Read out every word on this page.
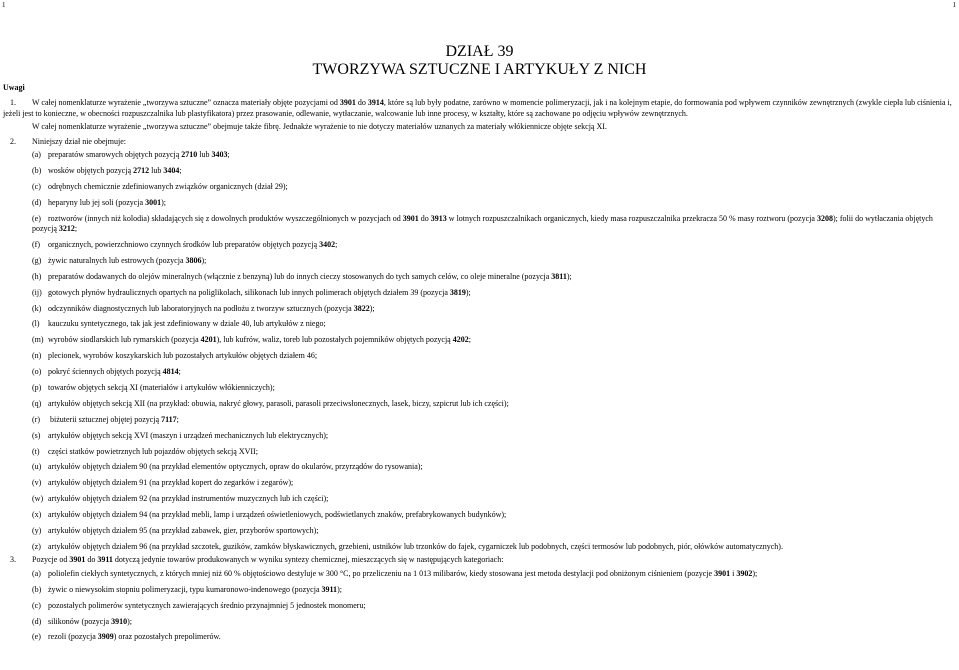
1	1
DZIAŁ 39
TWORZYWA SZTUCZNE I ARTYKUŁY Z NICH
Uwagi

1. W całej nomenklaturze wyrażenie „tworzywa sztuczne” oznacza materiały objęte pozycjami od 3901 do 3914, które są lub były podatne, zarówno w momencie polimeryzacji, jak i na kolejnym etapie, do formowania pod wpływem czynników zewnętrznych (zwykle ciepła lub ciśnienia i, jeżeli jest to konieczne, w obecności rozpuszczalnika lub plastyfikatora) przez prasowanie, odlewanie, wytłaczanie, walcowanie lub inne procesy, w kształty, które są zachowane po odjęciu wpływów zewnętrznych.

W całej nomenklaturze wyrażenie „tworzywa sztuczne” obejmuje także fibrę. Jednakże wyrażenie to nie dotyczy materiałów uznanych za materiały włókiennicze objęte sekcją XI.

2. Niniejszy dział nie obejmuje:

(a) preparatów smarowych objętych pozycją 2710 lub 3403;

(b) wosków objętych pozycją 2712 lub 3404;

(c) odrębnych chemicznie zdefiniowanych związków organicznych (dział 29);

(d) heparyny lub jej soli (pozycja 3001);

(e) roztworów (innych niż kolodia) składających się z dowolnych produktów wyszczególnionych w pozycjach od 3901 do 3913 w lotnych rozpuszczalnikach organicznych, kiedy masa rozpuszczalnika przekracza 50 % masy roztworu (pozycja 3208); folii do wytłaczania objętych pozycją 3212;

(f) organicznych, powierzchniowo czynnych środków lub preparatów objętych pozycją 3402;

(g) żywic naturalnych lub estrowych (pozycja 3806);

(h) preparatów dodawanych do olejów mineralnych (włącznie z benzyną) lub do innych cieczy stosowanych do tych samych celów, co oleje mineralne (pozycja 3811);

(ij) gotowych płynów hydraulicznych opartych na poliglikolach, silikonach lub innych polimerach objętych działem 39 (pozycja 3819);

(k) odczynników diagnostycznych lub laboratoryjnych na podłożu z tworzyw sztucznych (pozycja 3822);

(l) kauczuku syntetycznego, tak jak jest zdefiniowany w dziale 40, lub artykułów z niego;

(m) wyrobów siodlarskich lub rymarskich (pozycja 4201), lub kufrów, waliz, toreb lub pozostałych pojemników objętych pozycją 4202;

(n) plecionek, wyrobów koszykarskich lub pozostałych artykułów objętych działem 46;

(o) pokryć ściennych objętych pozycją 4814;

(p) towarów objętych sekcją XI (materiałów i artykułów włókienniczych);

(q) artykułów objętych sekcją XII (na przykład: obuwia, nakryć głowy, parasoli, parasoli przeciwsłonecznych, lasek, biczy, szpicrut lub ich części);

(r) biżuterii sztucznej objętej pozycją 7117;

(s) artykułów objętych sekcją XVI (maszyn i urządzeń mechanicznych lub elektrycznych);

(t) części statków powietrznych lub pojazdów objętych sekcją XVII;

(u) artykułów objętych działem 90 (na przykład elementów optycznych, opraw do okularów, przyrządów do rysowania);

(v) artykułów objętych działem 91 (na przykład kopert do zegarków i zegarów);

(w) artykułów objętych działem 92 (na przykład instrumentów muzycznych lub ich części);

(x) artykułów objętych działem 94 (na przykład mebli, lamp i urządzeń oświetleniowych, podświetlanych znaków, prefabrykowanych budynków);

(y) artykułów objętych działem 95 (na przykład zabawek, gier, przyborów sportowych);

(z) artykułów objętych działem 96 (na przykład szczotek, guzików, zamków błyskawicznych, grzebieni, ustników lub trzonków do fajek, cygarniczek lub podobnych, części termosów lub podobnych, piór, ołówków automatycznych).

3. Pozycje od 3901 do 3911 dotyczą jedynie towarów produkowanych w wyniku syntezy chemicznej, mieszczących się w następujących kategoriach:

(a) poliolefin ciekłych syntetycznych, z których mniej niż 60 % objętościowo destyluje w 300 °C, po przeliczeniu na 1 013 milibarów, kiedy stosowana jest metoda destylacji pod obniżonym ciśnieniem (pozycje 3901 i 3902);

(b) żywic o niewysokim stopniu polimeryzacji, typu kumaronowo-indenowego (pozycja 3911);

(c) pozostałych polimerów syntetycznych zawierających średnio przynajmniej 5 jednostek monomeru;

(d) silikonów (pozycja 3910);

(e) rezoli (pozycja 3909) oraz pozostałych prepolimerów.
